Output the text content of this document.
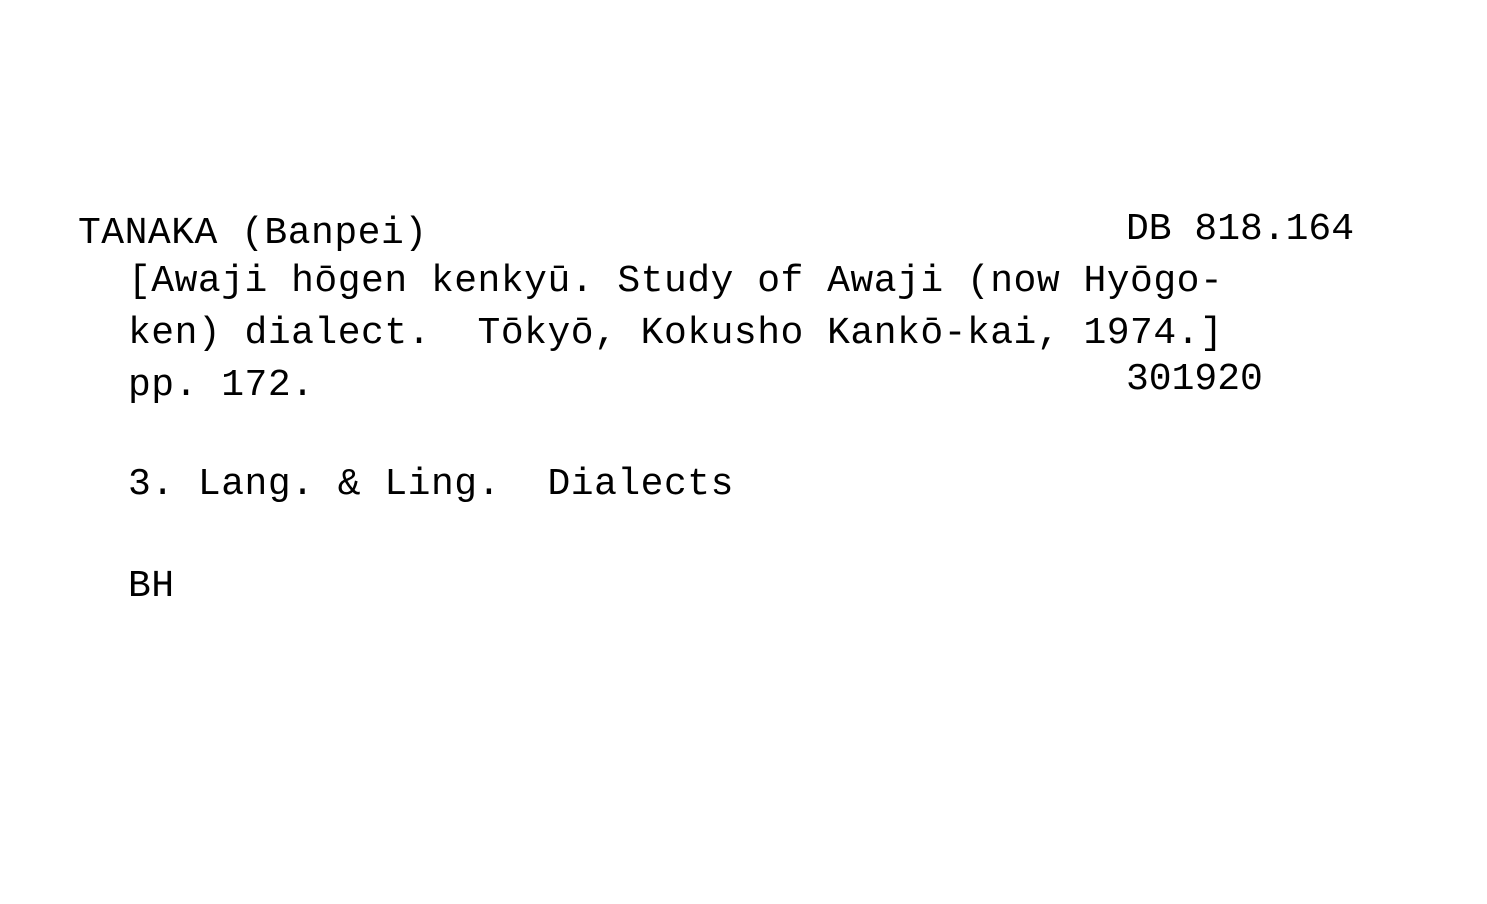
DB 818.164

301920

TANAKA (Banpei)
[Awaji hōgen kenkyū. Study of Awaji (now Hyōgo-
ken) dialect.  Tōkyō, Kokusho Kankō-kai, 1974.]
pp. 172.
3. Lang. & Ling.  Dialects
BH
